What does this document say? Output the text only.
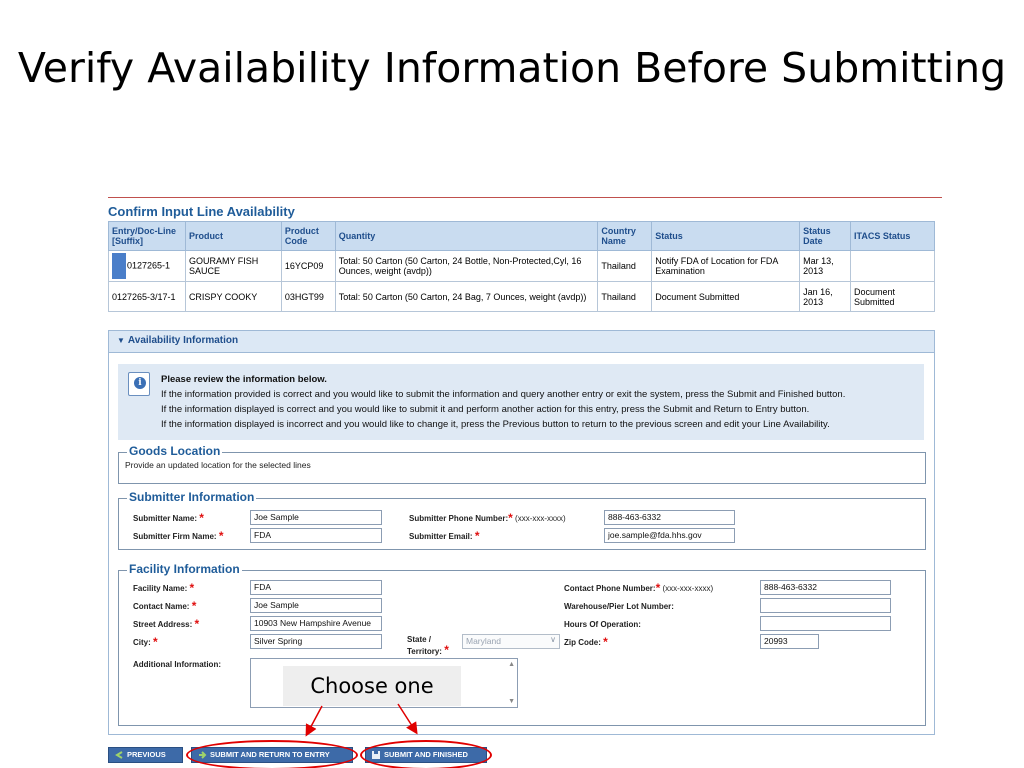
Verify Availability Information Before Submitting
Confirm Input Line Availability
Entry/Doc-Line [Suffix]	Product	Product Code	Quantity	Country Name	Status	Status Date	ITACS Status
0127265-1	GOURAMY FISH SAUCE	16YCP09	Total: 50 Carton (50 Carton, 24 Bottle, Non-Protected,Cyl, 16 Ounces, weight (avdp))	Thailand	Notify FDA of Location for FDA Examination	Mar 13, 2013	
0127265-3/17-1	CRISPY COOKY	03HGT99	Total: 50 Carton (50 Carton, 24 Bag, 7 Ounces, weight (avdp))	Thailand	Document Submitted	Jan 16, 2013	Document Submitted
▼ Availability Information
i	Please review the information below.
If the information provided is correct and you would like to submit the information and query another entry or exit the system, press the Submit and Finished button.
If the information displayed is correct and you would like to submit it and perform another action for this entry, press the Submit and Return to Entry button.
If the information displayed is incorrect and you would like to change it, press the Previous button to return to the previous screen and edit your Line Availability.
Goods Location
Provide an updated location for the selected lines
Submitter Information
Submitter Name: *	Joe Sample
Submitter Firm Name: *	FDA
Submitter Phone Number:* (xxx-xxx-xxxx)	888-463-6332
Submitter Email: *	joe.sample@fda.hhs.gov
Facility Information
Facility Name: *	FDA
Contact Name: *	Joe Sample
Street Address: *	10903 New Hampshire Avenue
City: *	Silver Spring	State /
Territory: *
Maryland	∨
Contact Phone Number:* (xxx-xxx-xxxx)	888-463-6332
Warehouse/Pier Lot Number:
Hours Of Operation:
Zip Code: *	20993
Additional Information:	▲
▼
Choose one
PREVIOUS	SUBMIT AND RETURN TO ENTRY	SUBMIT AND FINISHED
